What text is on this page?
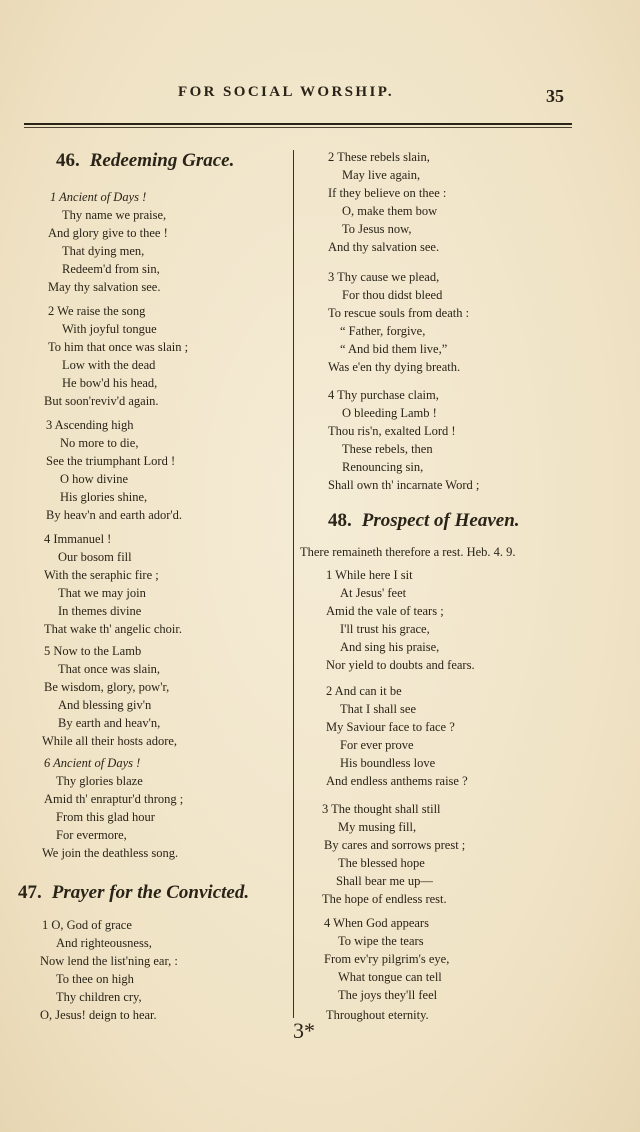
FOR SOCIAL WORSHIP.	35
46. Redeeming Grace.
1 Ancient of Days !
Thy name we praise,
And glory give to thee !
That dying men,
Redeem'd from sin,
May thy salvation see.
2 We raise the song
With joyful tongue
To him that once was slain ;
Low with the dead
He bow'd his head,
But soon'reviv'd again.
3 Ascending high
No more to die,
See the triumphant Lord !
O how divine
His glories shine,
By heav'n and earth ador'd.
4 Immanuel !
Our bosom fill
With the seraphic fire ;
That we may join
In themes divine
That wake th' angelic choir.
5 Now to the Lamb
That once was slain,
Be wisdom, glory, pow'r,
And blessing giv'n
By earth and heav'n,
While all their hosts adore,
6 Ancient of Days !
Thy glories blaze
Amid th' enraptur'd throng ;
From this glad hour
For evermore,
We join the deathless song.
47. Prayer for the Convicted.
1 O, God of grace
And righteousness,
Now lend the list'ning ear, :
To thee on high
Thy children cry,
O, Jesus! deign to hear.
2 These rebels slain,
May live again,
If they believe on thee :
O, make them bow
To Jesus now,
And thy salvation see.
3 Thy cause we plead,
For thou didst bleed
To rescue souls from death :
“ Father, forgive,
“ And bid them live,”
Was e'en thy dying breath.
4 Thy purchase claim,
O bleeding Lamb !
Thou ris'n, exalted Lord !
These rebels, then
Renouncing sin,
Shall own th' incarnate Word ;
48. Prospect of Heaven.
There remaineth therefore a rest. Heb. 4. 9.
1 While here I sit
At Jesus' feet
Amid the vale of tears ;
I'll trust his grace,
And sing his praise,
Nor yield to doubts and fears.
2 And can it be
That I shall see
My Saviour face to face ?
For ever prove
His boundless love
And endless anthems raise ?
3 The thought shall still
My musing fill,
By cares and sorrows prest ;
The blessed hope
Shall bear me up—
The hope of endless rest.
4 When God appears
To wipe the tears
From ev'ry pilgrim's eye,
What tongue can tell
The joys they'll feel
Throughout eternity.
3*
